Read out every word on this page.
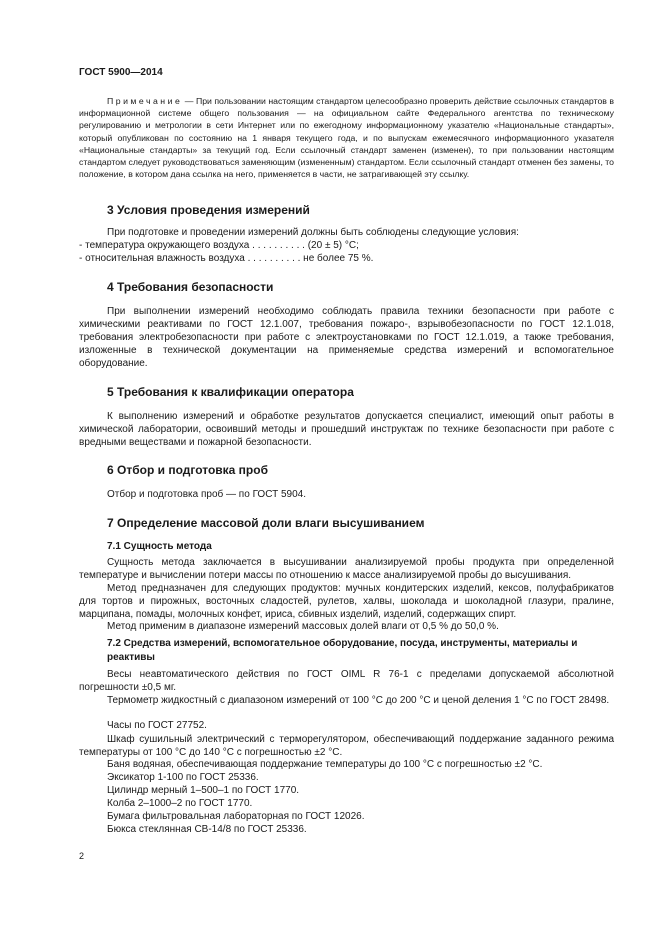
ГОСТ 5900—2014

Примечание — При пользовании настоящим стандартом целесообразно проверить действие ссылочных стандартов в информационной системе общего пользования — на официальном сайте Федерального агентства по техническому регулированию и метрологии в сети Интернет или по ежегодному информационному указателю «Национальные стандарты», который опубликован по состоянию на 1 января текущего года, и по выпускам ежемесячного информационного указателя «Национальные стандарты» за текущий год. Если ссылочный стандарт заменен (изменен), то при пользовании настоящим стандартом следует руководствоваться заменяющим (измененным) стандартом. Если ссылочный стандарт отменен без замены, то положение, в котором дана ссылка на него, применяется в части, не затрагивающей эту ссылку.

3 Условия проведения измерений

При подготовке и проведении измерений должны быть соблюдены следующие условия:

- температура окружающего воздуха . . . . . . . . . . (20 ± 5) °С;

- относительная влажность воздуха . . . . . . . . . . не более 75 %.

4 Требования безопасности

При выполнении измерений необходимо соблюдать правила техники безопасности при работе с химическими реактивами по ГОСТ 12.1.007, требования пожаро-, взрывобезопасности по ГОСТ 12.1.018, требования электробезопасности при работе с электроустановками по ГОСТ 12.1.019, а также требования, изложенные в технической документации на применяемые средства измерений и вспомогательное оборудование.

5 Требования к квалификации оператора

К выполнению измерений и обработке результатов допускается специалист, имеющий опыт работы в химической лаборатории, освоивший методы и прошедший инструктаж по технике безопасности при работе с вредными веществами и пожарной безопасности.

6 Отбор и подготовка проб

Отбор и подготовка проб — по ГОСТ 5904.

7 Определение массовой доли влаги высушиванием

7.1 Сущность метода

Сущность метода заключается в высушивании анализируемой пробы продукта при определенной температуре и вычислении потери массы по отношению к массе анализируемой пробы до высушивания.

Метод предназначен для следующих продуктов: мучных кондитерских изделий, кексов, полуфабрикатов для тортов и пирожных, восточных сладостей, рулетов, халвы, шоколада и шоколадной глазури, пралине, марципана, помады, молочных конфет, ириса, сбивных изделий, изделий, содержащих спирт.

Метод применим в диапазоне измерений массовых долей влаги от 0,5 % до 50,0 %.

7.2 Средства измерений, вспомогательное оборудование, посуда, инструменты, материалы и реактивы

Весы неавтоматического действия по ГОСТ OIML R 76-1 с пределами допускаемой абсолютной погрешности ±0,5 мг.

Термометр жидкостный с диапазоном измерений от 100 °С до 200 °С и ценой деления 1 °С по ГОСТ 28498.

Часы по ГОСТ 27752.

Шкаф сушильный электрический с терморегулятором, обеспечивающий поддержание заданного режима температуры от 100 °С до 140 °С с погрешностью ±2 °С.

Баня водяная, обеспечивающая поддержание температуры до 100 °С с погрешностью ±2 °С.

Эксикатор 1-100 по ГОСТ 25336.

Цилиндр мерный 1–500–1 по ГОСТ 1770.

Колба 2–1000–2 по ГОСТ 1770.

Бумага фильтровальная лабораторная по ГОСТ 12026.

Бюкса стеклянная СВ-14/8 по ГОСТ 25336.

2
